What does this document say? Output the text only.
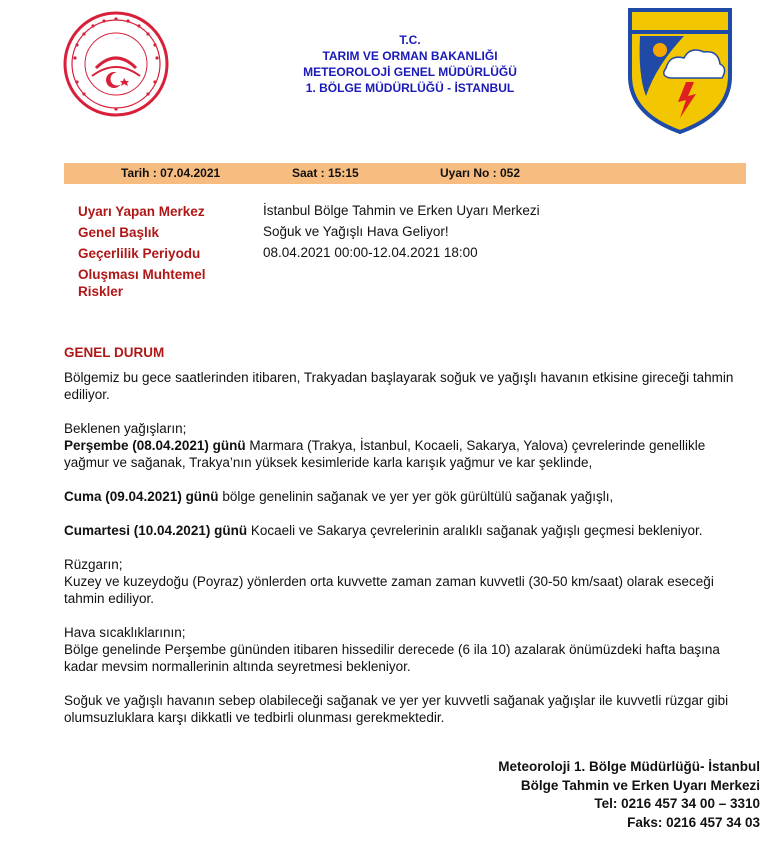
T.C.
TARIM VE ORMAN BAKANLIĞI
METEOROLOJİ GENEL MÜDÜRLÜĞÜ
1. BÖLGE MÜDÜRLÜĞÜ - İSTANBUL
Tarih : 07.04.2021	Saat : 15:15	Uyarı No : 052
Uyarı Yapan Merkez	İstanbul Bölge Tahmin ve Erken Uyarı Merkezi
Genel Başlık	Soğuk ve Yağışlı Hava Geliyor!
Geçerlilik Periyodu	08.04.2021 00:00-12.04.2021 18:00
Oluşması Muhtemel Riskler
GENEL DURUM

Bölgemiz bu gece saatlerinden itibaren, Trakyadan başlayarak soğuk ve yağışlı havanın etkisine gireceği tahmin ediliyor.

Beklenen yağışların;
Perşembe (08.04.2021) günü Marmara (Trakya, İstanbul, Kocaeli, Sakarya, Yalova) çevrelerinde genellikle yağmur ve sağanak, Trakya’nın yüksek kesimleride karla karışık yağmur ve kar şeklinde,

Cuma (09.04.2021) günü bölge genelinin sağanak ve yer yer gök gürültülü sağanak yağışlı,

Cumartesi (10.04.2021) günü Kocaeli ve Sakarya çevrelerinin aralıklı sağanak yağışlı geçmesi bekleniyor.

Rüzgarın;
Kuzey ve kuzeydoğu (Poyraz) yönlerden orta kuvvette zaman zaman kuvvetli (30-50 km/saat) olarak eseceği tahmin ediliyor.

Hava sıcaklıklarının;
Bölge genelinde Perşembe gününden itibaren hissedilir derecede (6 ila 10) azalarak önümüzdeki hafta başına kadar mevsim normallerinin altında seyretmesi bekleniyor.

Soğuk ve yağışlı havanın sebep olabileceği sağanak ve yer yer kuvvetli sağanak yağışlar ile kuvvetli rüzgar gibi olumsuzluklara karşı dikkatli ve tedbirli olunması gerekmektedir.

Meteoroloji 1. Bölge Müdürlüğü- İstanbul
Bölge Tahmin ve Erken Uyarı Merkezi
Tel: 0216 457 34 00 – 3310
Faks: 0216 457 34 03
